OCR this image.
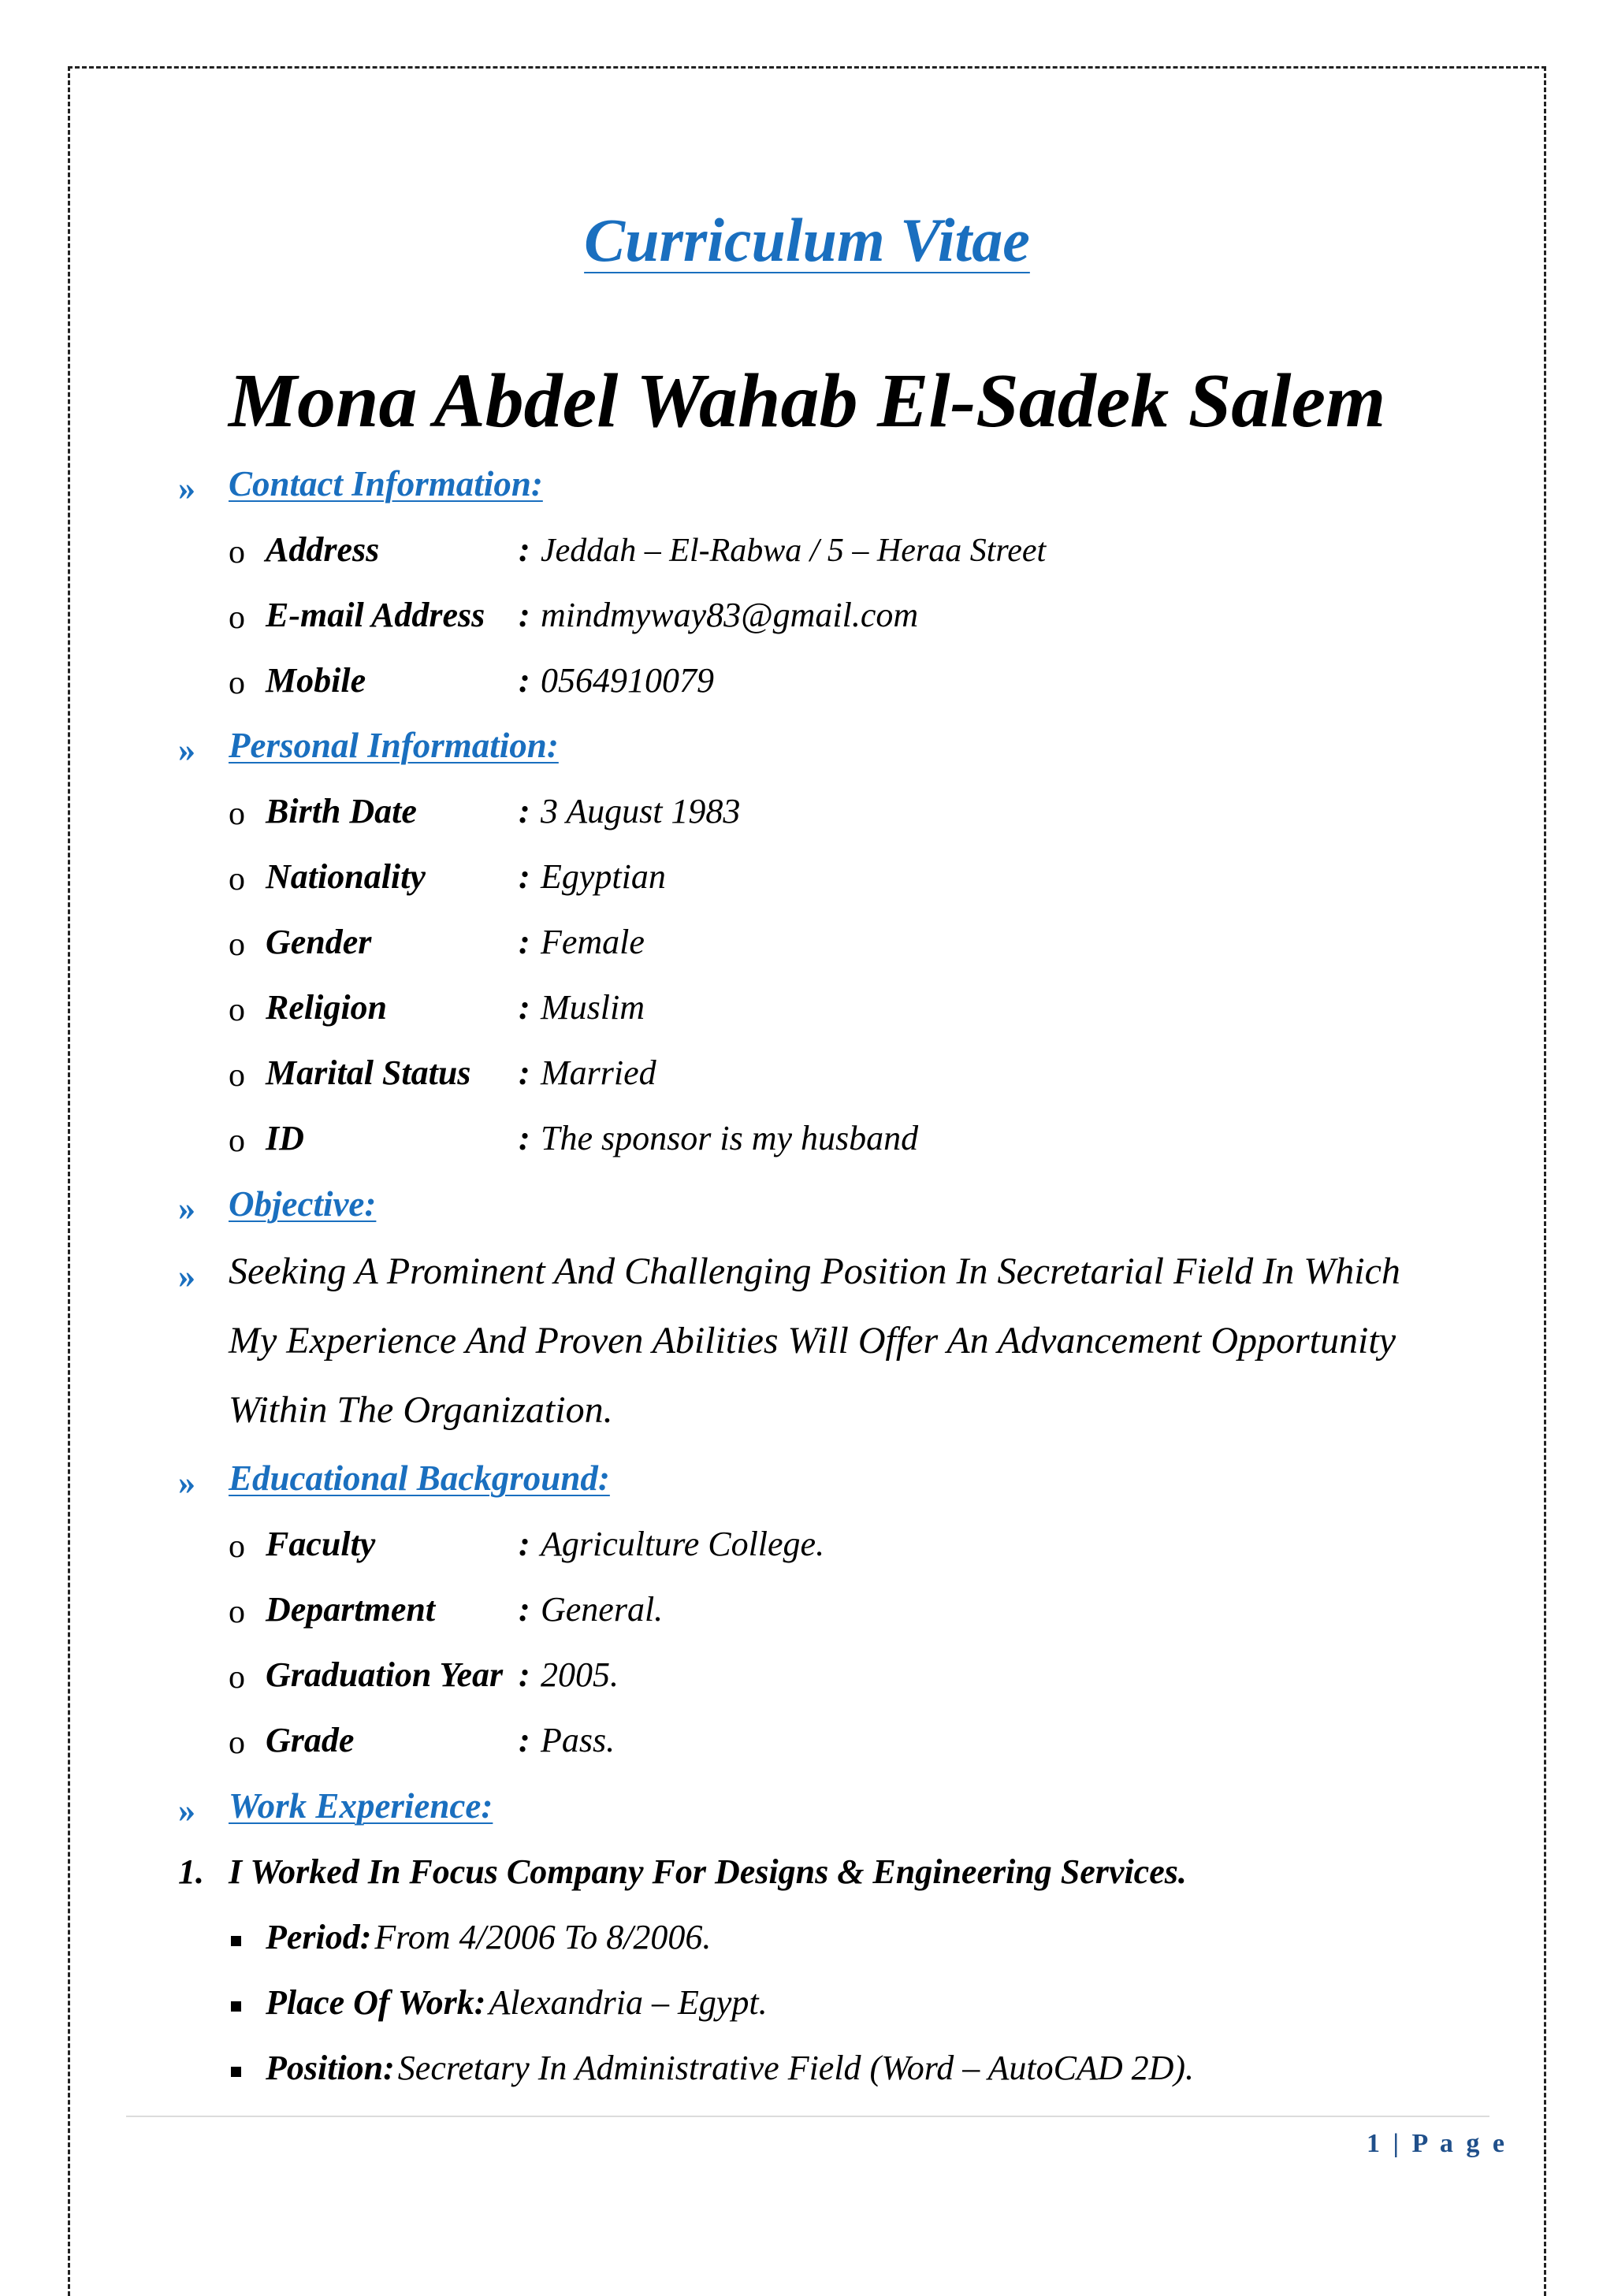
Curriculum Vitae
Mona Abdel Wahab El-Sadek Salem
» Contact Information:
o Address	: Jeddah – El-Rabwa / 5 – Heraa Street
o E-mail Address : mindmyway83@gmail.com
o Mobile	: 0564910079
» Personal Information:
o Birth Date	: 3 August 1983
o Nationality	: Egyptian
o Gender	: Female
o Religion	: Muslim
o Marital Status : Married
o ID	: The sponsor is my husband
» Objective:
» Seeking A Prominent And Challenging Position In Secretarial Field In Which
My Experience And Proven Abilities Will Offer An Advancement Opportunity
Within The Organization.
» Educational Background:
o Faculty	: Agriculture College.
o Department : General.
o Graduation Year : 2005.
o Grade	: Pass.
» Work Experience:
1. I Worked In Focus Company For Designs & Engineering Services.
Period: From 4/2006 To 8/2006.
Place Of Work: Alexandria – Egypt.
Position: Secretary In Administrative Field (Word – AutoCAD 2D).
1 | P a g e
